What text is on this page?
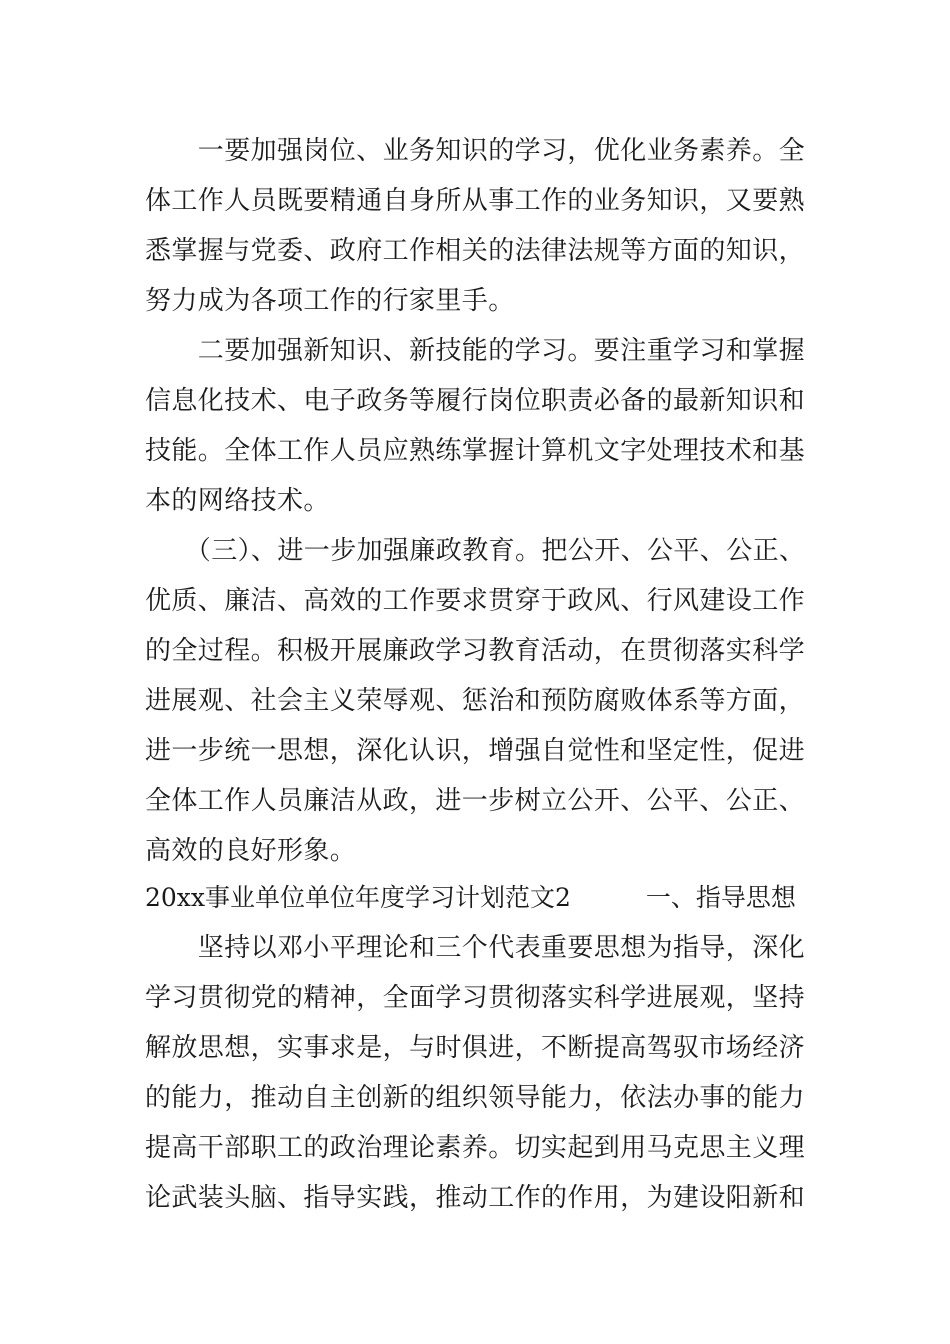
　　一要加强岗位、业务知识的学习，优化业务素养。全
体工作人员既要精通自身所从事工作的业务知识，又要熟
悉掌握与党委、政府工作相关的法律法规等方面的知识，
努力成为各项工作的行家里手。
　　二要加强新知识、新技能的学习。要注重学习和掌握
信息化技术、电子政务等履行岗位职责必备的最新知识和
技能。全体工作人员应熟练掌握计算机文字处理技术和基
本的网络技术。
　　（三）、进一步加强廉政教育。把公开、公平、公正、
优质、廉洁、高效的工作要求贯穿于政风、行风建设工作
的全过程。积极开展廉政学习教育活动，在贯彻落实科学
进展观、社会主义荣辱观、惩治和预防腐败体系等方面，
进一步统一思想，深化认识，增强自觉性和坚定性，促进
全体工作人员廉洁从政，进一步树立公开、公平、公正、
高效的良好形象。
20xx事业单位单位年度学习计划范文2　　　一、指导思想
　　坚持以邓小平理论和三个代表重要思想为指导，深化
学习贯彻党的精神，全面学习贯彻落实科学进展观，坚持
解放思想，实事求是，与时俱进，不断提高驾驭市场经济
的能力，推动自主创新的组织领导能力，依法办事的能力
提高干部职工的政治理论素养。切实起到用马克思主义理
论武装头脑、指导实践，推动工作的作用，为建设阳新和
